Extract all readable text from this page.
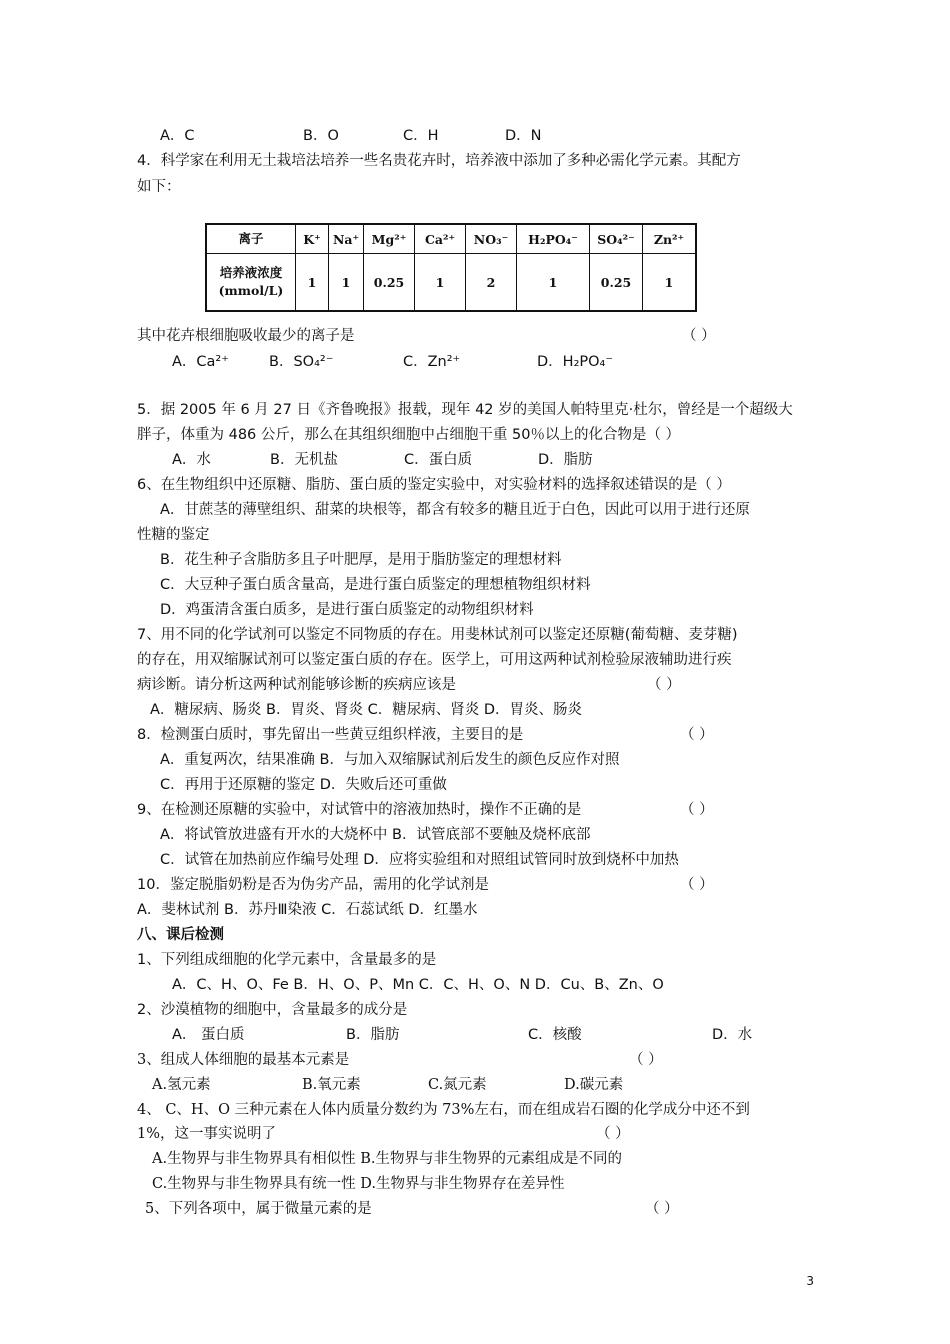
A．C	B．O	C．H	D．N
4．科学家在利用无土栽培法培养一些名贵花卉时，培养液中添加了多种必需化学元素。其配方
如下：
离子	K⁺	Na⁺	Mg²⁺	Ca²⁺	NO₃⁻	H₂PO₄⁻	SO₄²⁻	Zn²⁺

培养液浓度
(mmol/L)	1	1	0.25	1	2	1	0.25	1
其中花卉根细胞吸收最少的离子是	（ ）
A．Ca²⁺	B．SO₄²⁻	C．Zn²⁺	D．H₂PO₄⁻
5．据 2005 年 6 月 27 日《齐鲁晚报》报载，现年 42 岁的美国人帕特里克·杜尔，曾经是一个超级大
胖子，体重为 486 公斤，那么在其组织细胞中占细胞干重 50％以上的化合物是（ ）
A．水	B．无机盐	C．蛋白质	D．脂肪
6、在生物组织中还原糖、脂肪、蛋白质的鉴定实验中，对实验材料的选择叙述错误的是（ ）
A．甘蔗茎的薄壁组织、甜菜的块根等，都含有较多的糖且近于白色，因此可以用于进行还原
性糖的鉴定
B．花生种子含脂肪多且子叶肥厚，是用于脂肪鉴定的理想材料
C．大豆种子蛋白质含量高，是进行蛋白质鉴定的理想植物组织材料
D．鸡蛋清含蛋白质多，是进行蛋白质鉴定的动物组织材料
7、用不同的化学试剂可以鉴定不同物质的存在。用斐林试剂可以鉴定还原糖(葡萄糖、麦芽糖)
的存在，用双缩脲试剂可以鉴定蛋白质的存在。医学上，可用这两种试剂检验尿液辅助进行疾
病诊断。请分析这两种试剂能够诊断的疾病应该是	（ ）
A．糖尿病、肠炎 B．胃炎、肾炎 C．糖尿病、肾炎 D．胃炎、肠炎
8．检测蛋白质时，事先留出一些黄豆组织样液，主要目的是	（ ）
A．重复两次，结果准确 B．与加入双缩脲试剂后发生的颜色反应作对照
C．再用于还原糖的鉴定 D．失败后还可重做
9、在检测还原糖的实验中，对试管中的溶液加热时，操作不正确的是	（ ）
A．将试管放进盛有开水的大烧杯中 B．试管底部不要触及烧杯底部
C．试管在加热前应作编号处理 D．应将实验组和对照组试管同时放到烧杯中加热
10．鉴定脱脂奶粉是否为伪劣产品，需用的化学试剂是	（ ）
A．斐林试剂 B．苏丹Ⅲ染液 C．石蕊试纸 D．红墨水
八、课后检测
1、下列组成细胞的化学元素中，含量最多的是
A．C、H、O、Fe B．H、O、P、Mn C．C、H、O、N D．Cu、B、Zn、O
2、沙漠植物的细胞中，含量最多的成分是
A． 蛋白质	B．脂肪	C．核酸	D．水
3、组成人体细胞的最基本元素是	（ ）
A.氢元素	B.氧元素	C.氮元素	D.碳元素
4、 C、H、O 三种元素在人体内质量分数约为 73%左右，而在组成岩石圈的化学成分中还不到
1%，这一事实说明了	（ ）
A.生物界与非生物界具有相似性 B.生物界与非生物界的元素组成是不同的
C.生物界与非生物界具有统一性 D.生物界与非生物界存在差异性
5、下列各项中，属于微量元素的是	（ ）
3
